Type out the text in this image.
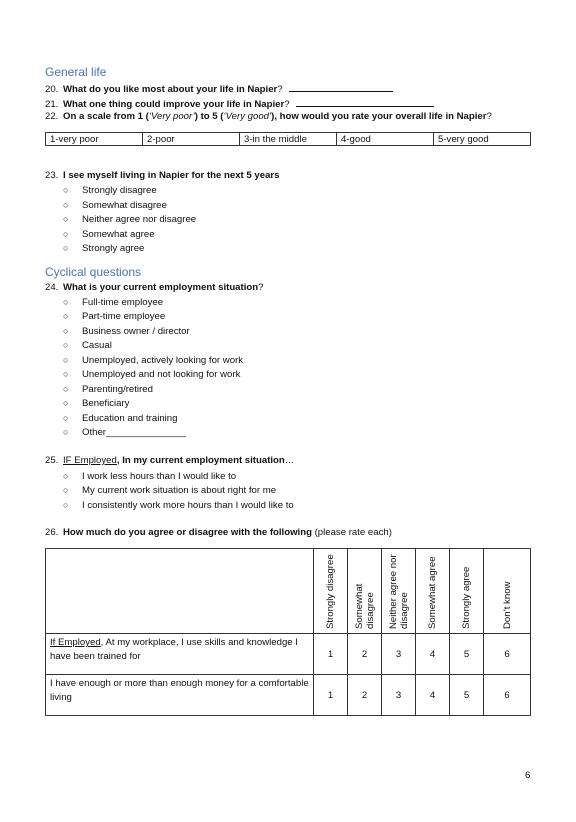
General life
20. What do you like most about your life in Napier?
21. What one thing could improve your life in Napier?
22. On a scale from 1 (‘Very poor’) to 5 (‘Very good’), how would you rate your overall life in Napier?
1-very poor	2-poor	3-in the middle	4-good	5-very good
23. I see myself living in Napier for the next 5 years
○ Strongly disagree
○ Somewhat disagree
○ Neither agree nor disagree
○ Somewhat agree
○ Strongly agree
Cyclical questions
24. What is your current employment situation?
○ Full-time employee
○ Part-time employee
○ Business owner / director
○ Casual
○ Unemployed, actively looking for work
○ Unemployed and not looking for work
○ Parenting/retired
○ Beneficiary
○ Education and training
○ Other_______________
25. IF Employed, In my current employment situation…
○ I work less hours than I would like to
○ My current work situation is about right for me
○ I consistently work more hours than I would like to
26. How much do you agree or disagree with the following (please rate each)

	Strongly disagree	Somewhat disagree	Neither agree nor disagree	Somewhat agree	Strongly agree	Don’t know

If Employed, At my workplace, I use skills and knowledge I have been trained for	1	2	3	4	5	6
I have enough or more than enough money for a comfortable living	1	2	3	4	5	6
6
